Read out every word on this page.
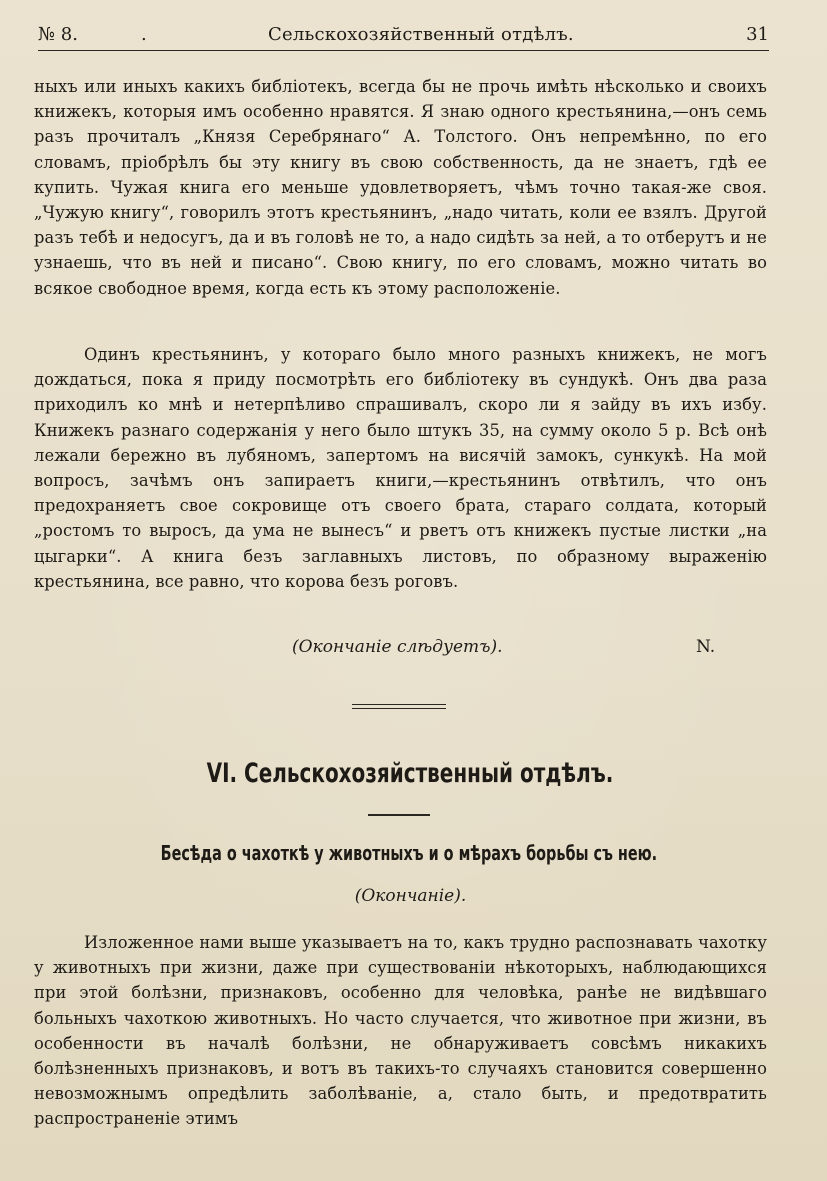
№ 8.	.	Сельскохозяйственный отдѣлъ.	31

ныхъ или иныхъ какихъ библіотекъ, всегда бы не прочь имѣть нѣсколько и своихъ книжекъ, которыя имъ особенно нравятся. Я знаю одного крестьянина,—онъ семь разъ прочиталъ „Князя Серебрянаго“ А. Толстого. Онъ непремѣнно, по его словамъ, пріобрѣлъ бы эту книгу въ свою собственность, да не знаетъ, гдѣ ее купить. Чужая книга его меньше удовлетворяетъ, чѣмъ точно такая-же своя. „Чужую книгу“, говорилъ этотъ крестьянинъ, „надо читать, коли ее взялъ. Другой разъ тебѣ и недосугъ, да и въ головѣ не то, а надо сидѣть за ней, а то отберутъ и не узнаешь, что въ ней и писано“. Свою книгу, по его словамъ, можно читать во всякое свободное время, когда есть къ этому расположеніе.

Одинъ крестьянинъ, у котораго было много разныхъ книжекъ, не могъ дождаться, пока я приду посмотрѣть его библіотеку въ сундукѣ. Онъ два раза приходилъ ко мнѣ и нетерпѣливо спрашивалъ, скоро ли я зайду въ ихъ избу. Книжекъ разнаго содержанія у него было штукъ 35, на сумму около 5 р. Всѣ онѣ лежали бережно въ лубяномъ, запертомъ на висячій замокъ, сункукѣ. На мой вопросъ, зачѣмъ онъ запираетъ книги,—крестьянинъ отвѣтилъ, что онъ предохраняетъ свое сокровище отъ своего брата, стараго солдата, который „ростомъ то выросъ, да ума не вынесъ“ и рветъ отъ книжекъ пустые листки „на цыгарки“. А книга безъ заглавныхъ листовъ, по образному выраженію крестьянина, все равно, что корова безъ роговъ.

(Окончаніе слѣдуетъ).	N.
VI. Сельскохозяйственный отдѣлъ.
Бесѣда о чахоткѣ у животныхъ и о мѣрахъ борьбы съ нею.
(Окончаніе).

Изложенное нами выше указываетъ на то, какъ трудно распознавать чахотку у животныхъ при жизни, даже при существованіи нѣкоторыхъ, наблюдающихся при этой болѣзни, признаковъ, особенно для человѣка, ранѣе не видѣвшаго больныхъ чахоткою животныхъ. Но часто случается, что животное при жизни, въ особенности въ началѣ болѣзни, не обнаруживаетъ совсѣмъ никакихъ болѣзненныхъ признаковъ, и вотъ въ такихъ-то случаяхъ становится совершенно невозможнымъ опредѣлить заболѣваніе, а, стало быть, и предотвратить распространеніе этимъ
